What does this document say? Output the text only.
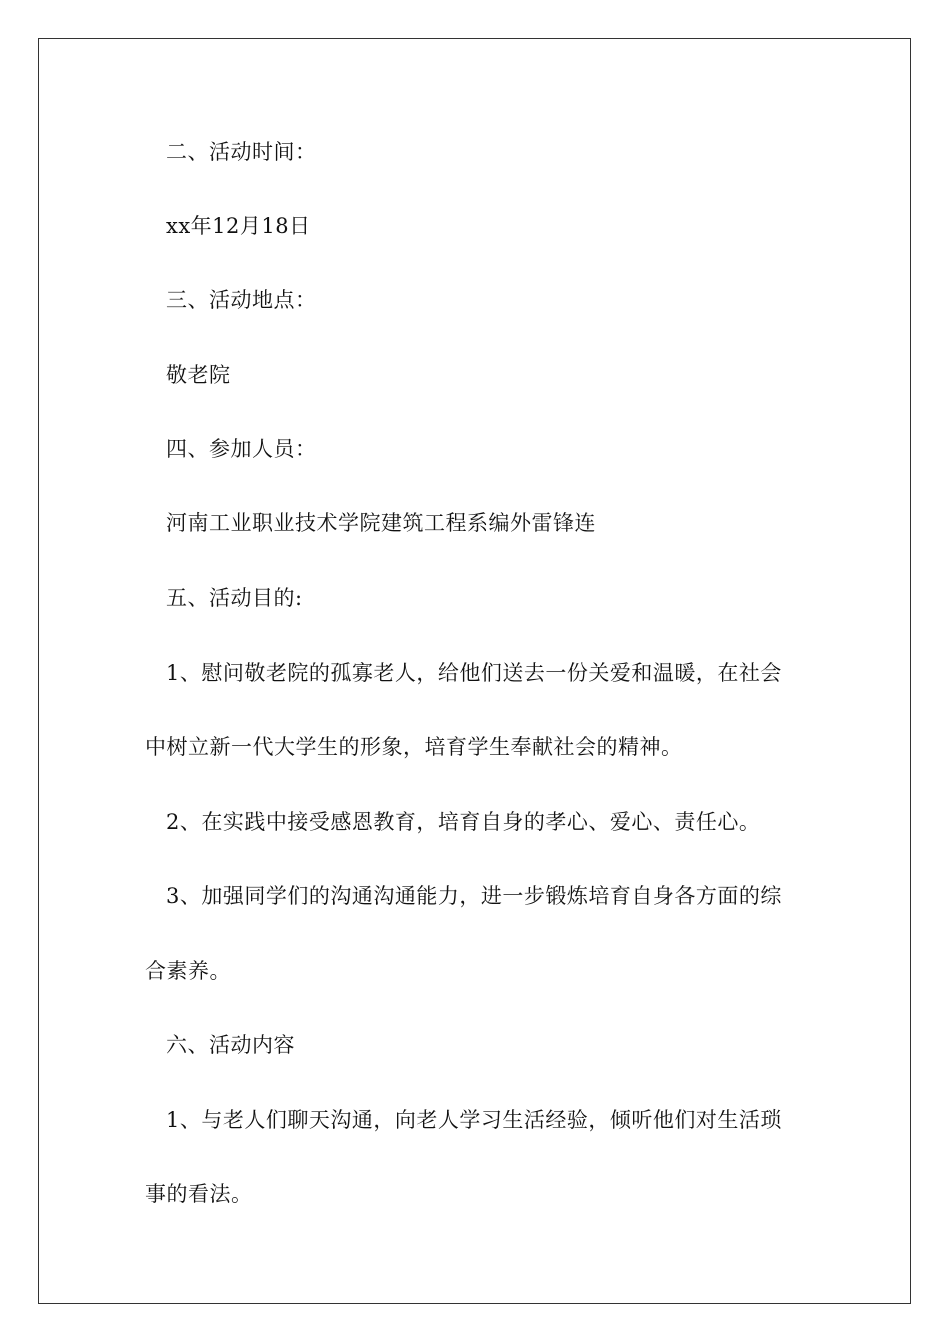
二、活动时间：
xx年12月18日
三、活动地点：
敬老院
四、参加人员：
河南工业职业技术学院建筑工程系编外雷锋连
五、活动目的:
1、慰问敬老院的孤寡老人，给他们送去一份关爱和温暖，在社会
中树立新一代大学生的形象，培育学生奉献社会的精神。
2、在实践中接受感恩教育，培育自身的孝心、爱心、责任心。
3、加强同学们的沟通沟通能力，进一步锻炼培育自身各方面的综
合素养。
六、活动内容
1、与老人们聊天沟通，向老人学习生活经验，倾听他们对生活琐
事的看法。
